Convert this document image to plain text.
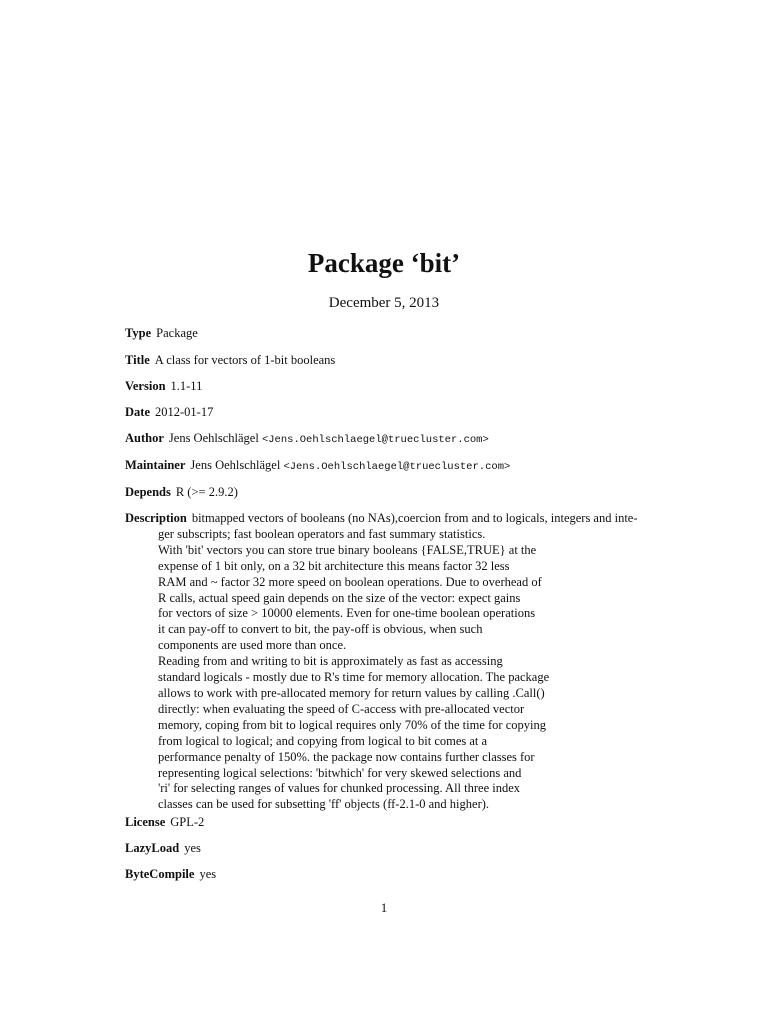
Package ‘bit’

December 5, 2013

Type Package
Title A class for vectors of 1-bit booleans
Version 1.1-11
Date 2012-01-17
Author Jens Oehlschlägel <Jens.Oehlschlaegel@truecluster.com>
Maintainer Jens Oehlschlägel <Jens.Oehlschlaegel@truecluster.com>
Depends R (>= 2.9.2)
Description bitmapped vectors of booleans (no NAs),coercion from and to logicals, integers and inte-
ger subscripts; fast boolean operators and fast summary statistics.
With 'bit' vectors you can store true binary booleans {FALSE,TRUE} at the
expense of 1 bit only, on a 32 bit architecture this means factor 32 less
RAM and ~ factor 32 more speed on boolean operations. Due to overhead of
R calls, actual speed gain depends on the size of the vector: expect gains
for vectors of size > 10000 elements. Even for one-time boolean operations
it can pay-off to convert to bit, the pay-off is obvious, when such
components are used more than once.
Reading from and writing to bit is approximately as fast as accessing
standard logicals - mostly due to R's time for memory allocation. The package
allows to work with pre-allocated memory for return values by calling .Call()
directly: when evaluating the speed of C-access with pre-allocated vector
memory, coping from bit to logical requires only 70% of the time for copying
from logical to logical; and copying from logical to bit comes at a
performance penalty of 150%. the package now contains further classes for
representing logical selections: 'bitwhich' for very skewed selections and
'ri' for selecting ranges of values for chunked processing. All three index
classes can be used for subsetting 'ff' objects (ff-2.1-0 and higher).
License GPL-2
LazyLoad yes
ByteCompile yes
1
